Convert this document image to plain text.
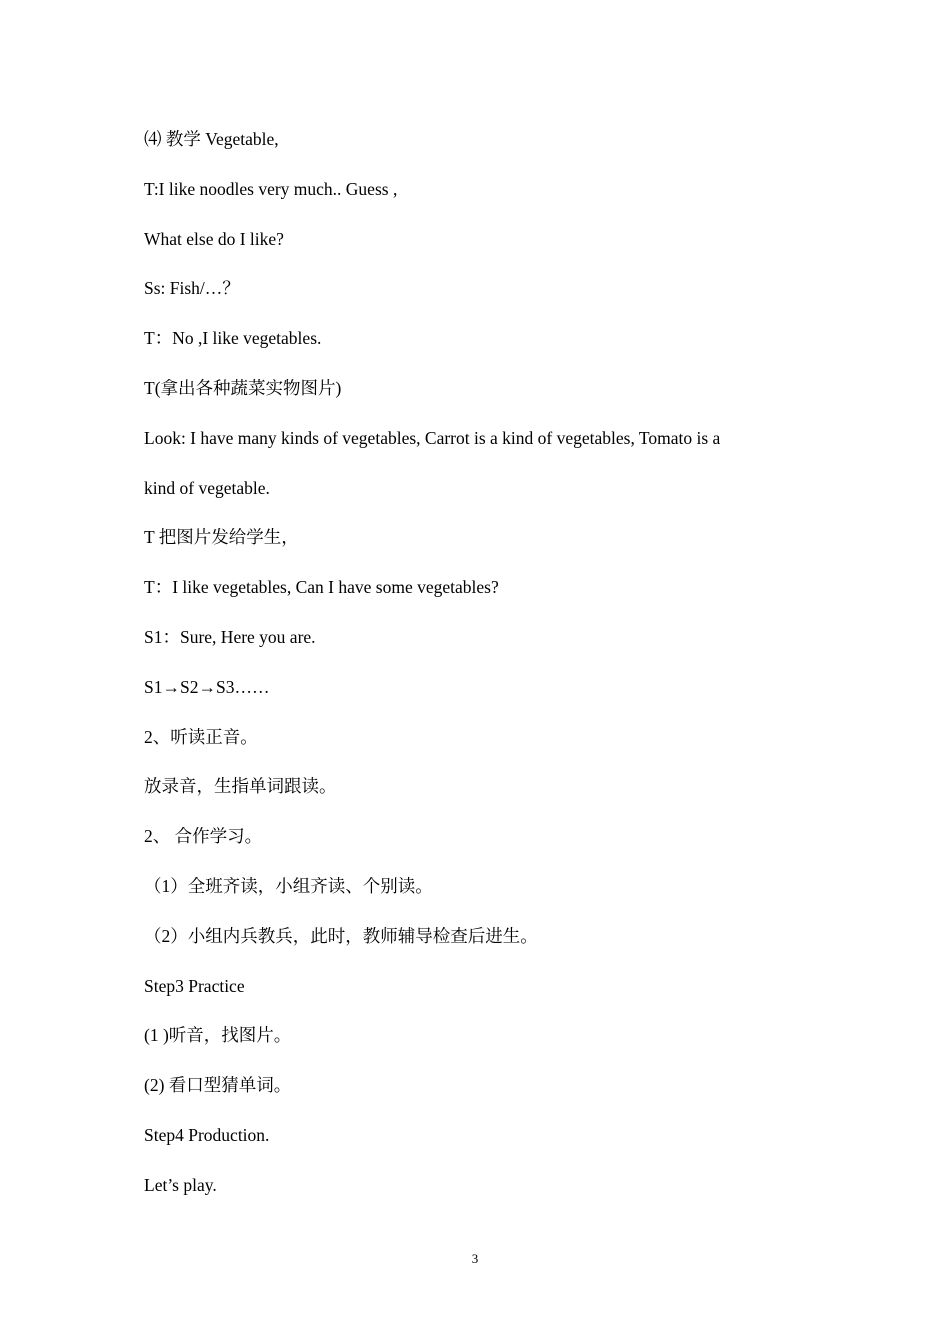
⑷ 教学 Vegetable,
T:I like noodles very much.. Guess ,
What else do I like?
Ss: Fish/…？
T：No ,I like vegetables.
T(拿出各种蔬菜实物图片)
Look: I have many kinds of vegetables, Carrot is a kind of vegetables, Tomato is a
kind of vegetable.
T 把图片发给学生，
T：I like vegetables, Can I have some vegetables?
S1：Sure, Here you are.
S1→S2→S3……
2、听读正音。
放录音，生指单词跟读。
2、 合作学习。
（1）全班齐读，小组齐读、个别读。
（2）小组内兵教兵，此时，教师辅导检查后进生。
Step3 Practice
(1 )听音，找图片。
(2) 看口型猜单词。
Step4 Production.
Let’s play.
3
